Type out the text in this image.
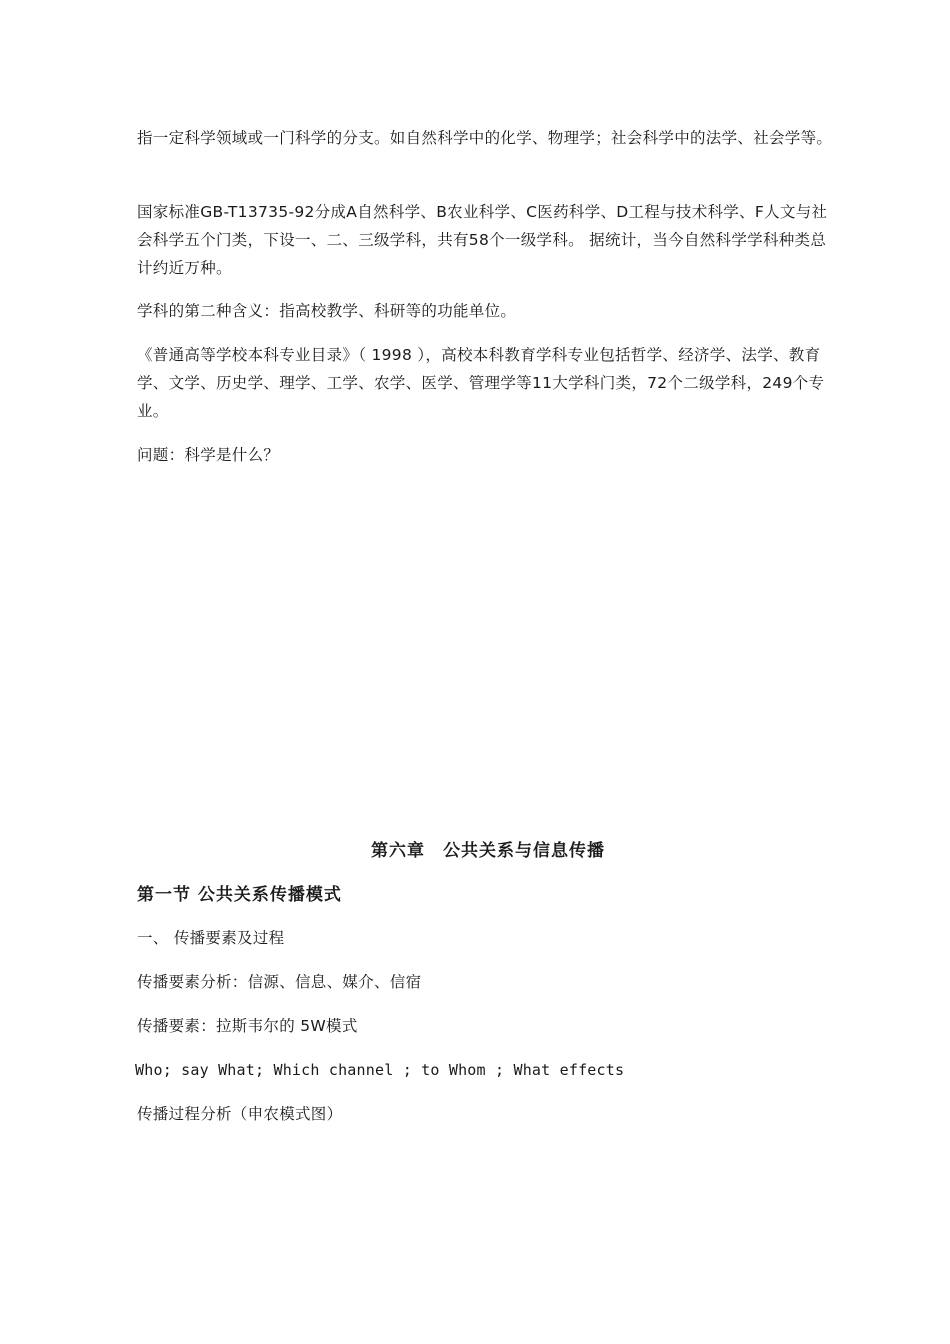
指一定科学领域或一门科学的分支。如自然科学中的化学、物理学；社会科学中的法学、社会学等。

国家标准GB-T13735-92分成A自然科学、B农业科学、C医药科学、D工程与技术科学、F人文与社会科学五个门类，下设一、二、三级学科，共有58个一级学科。 据统计，当今自然科学学科种类总计约近万种。

学科的第二种含义：指高校教学、科研等的功能单位。

《普通高等学校本科专业目录》（ 1998 ），高校本科教育学科专业包括哲学、经济学、法学、教育学、文学、历史学、理学、工学、农学、医学、管理学等11大学科门类，72个二级学科，249个专业。

问题：科学是什么？

第六章　公共关系与信息传播
第一节 公共关系传播模式

一、 传播要素及过程

传播要素分析：信源、信息、媒介、信宿

传播要素：拉斯韦尔的 5W模式

Who; say What; Which channel ; to Whom ; What effects

传播过程分析（申农模式图）
